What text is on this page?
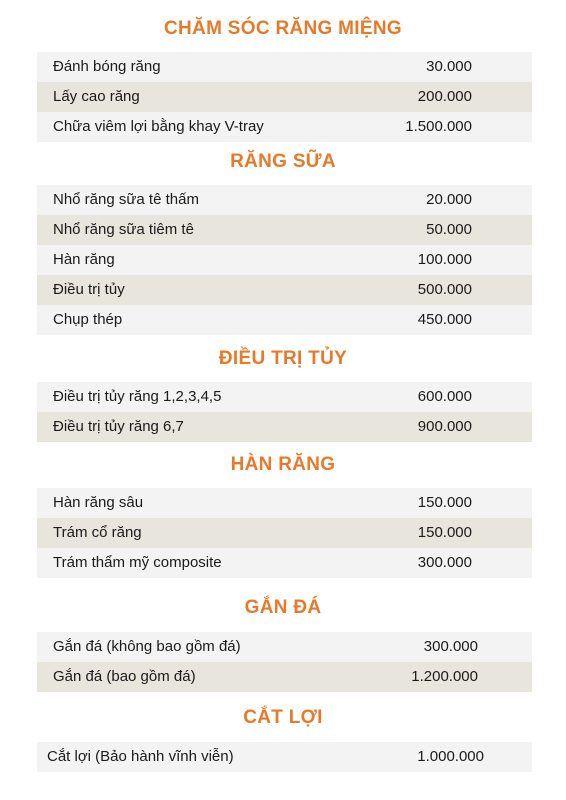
CHĂM SÓC RĂNG MIỆNG
Đánh bóng răng	30.000
Lấy cao răng	200.000
Chữa viêm lợi bằng khay V-tray	1.500.000
RĂNG SỮA
Nhổ răng sữa tê thấm	20.000
Nhổ răng sữa tiêm tê	50.000
Hàn răng	100.000
Điều trị tủy	500.000
Chụp thép	450.000
ĐIỀU TRỊ TỦY
Điều trị tủy răng 1,2,3,4,5	600.000
Điều trị tủy răng 6,7	900.000
HÀN RĂNG
Hàn răng sâu	150.000
Trám cổ răng	150.000
Trám thẩm mỹ composite	300.000
GẮN ĐÁ
Gắn đá (không bao gồm đá)	300.000
Gắn đá (bao gồm đá)	1.200.000
CẮT LỢI
Cắt lợi (Bảo hành vĩnh viễn)	1.000.000
